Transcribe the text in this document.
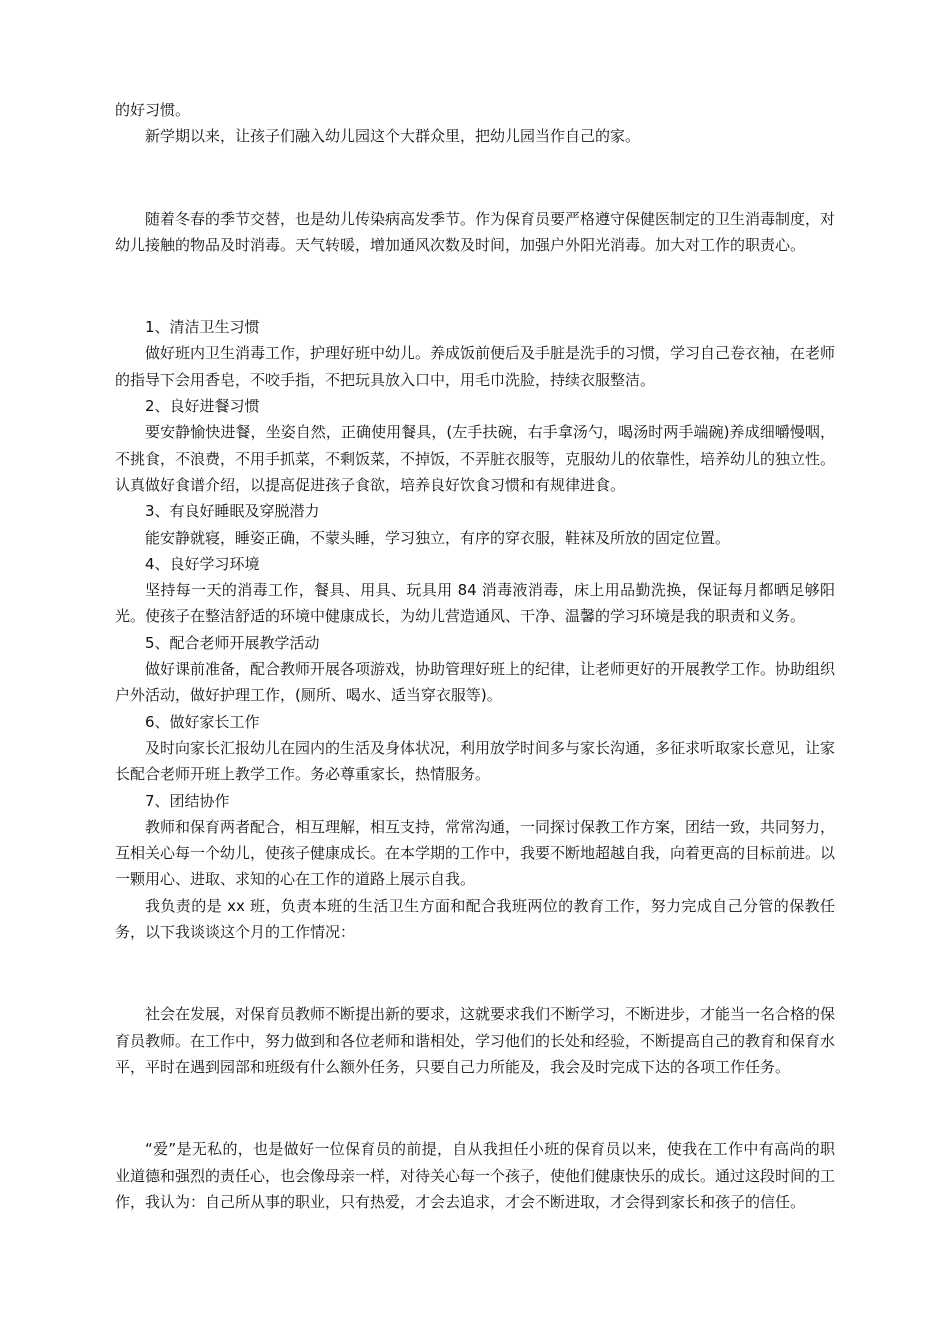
的好习惯。

新学期以来，让孩子们融入幼儿园这个大群众里，把幼儿园当作自己的家。

随着冬春的季节交替，也是幼儿传染病高发季节。作为保育员要严格遵守保健医制定的卫生消毒制度，对幼儿接触的物品及时消毒。天气转暖，增加通风次数及时间，加强户外阳光消毒。加大对工作的职责心。

1、清洁卫生习惯

做好班内卫生消毒工作，护理好班中幼儿。养成饭前便后及手脏是洗手的习惯，学习自己卷衣袖，在老师的指导下会用香皂，不咬手指，不把玩具放入口中，用毛巾洗脸，持续衣服整洁。

2、良好进餐习惯

要安静愉快进餐，坐姿自然，正确使用餐具，(左手扶碗，右手拿汤勺，喝汤时两手端碗)养成细嚼慢咽，不挑食，不浪费，不用手抓菜，不剩饭菜，不掉饭，不弄脏衣服等，克服幼儿的依靠性，培养幼儿的独立性。认真做好食谱介绍，以提高促进孩子食欲，培养良好饮食习惯和有规律进食。

3、有良好睡眠及穿脱潜力

能安静就寝，睡姿正确，不蒙头睡，学习独立，有序的穿衣服，鞋袜及所放的固定位置。

4、良好学习环境

坚持每一天的消毒工作，餐具、用具、玩具用 84 消毒液消毒，床上用品勤洗换，保证每月都晒足够阳光。使孩子在整洁舒适的环境中健康成长，为幼儿营造通风、干净、温馨的学习环境是我的职责和义务。

5、配合老师开展教学活动

做好课前准备，配合教师开展各项游戏，协助管理好班上的纪律，让老师更好的开展教学工作。协助组织户外活动，做好护理工作，(厕所、喝水、适当穿衣服等)。

6、做好家长工作

及时向家长汇报幼儿在园内的生活及身体状况，利用放学时间多与家长沟通，多征求听取家长意见，让家长配合老师开班上教学工作。务必尊重家长，热情服务。

7、团结协作

教师和保育两者配合，相互理解，相互支持，常常沟通，一同探讨保教工作方案，团结一致，共同努力，互相关心每一个幼儿，使孩子健康成长。在本学期的工作中，我要不断地超越自我，向着更高的目标前进。以一颗用心、进取、求知的心在工作的道路上展示自我。

我负责的是 xx 班，负责本班的生活卫生方面和配合我班两位的教育工作，努力完成自己分管的保教任务，以下我谈谈这个月的工作情况：

社会在发展，对保育员教师不断提出新的要求，这就要求我们不断学习，不断进步，才能当一名合格的保育员教师。在工作中，努力做到和各位老师和谐相处，学习他们的长处和经验，不断提高自己的教育和保育水平，平时在遇到园部和班级有什么额外任务，只要自己力所能及，我会及时完成下达的各项工作任务。

“爱”是无私的，也是做好一位保育员的前提，自从我担任小班的保育员以来，使我在工作中有高尚的职业道德和强烈的责任心，也会像母亲一样，对待关心每一个孩子，使他们健康快乐的成长。通过这段时间的工作，我认为：自己所从事的职业，只有热爱，才会去追求，才会不断进取，才会得到家长和孩子的信任。
